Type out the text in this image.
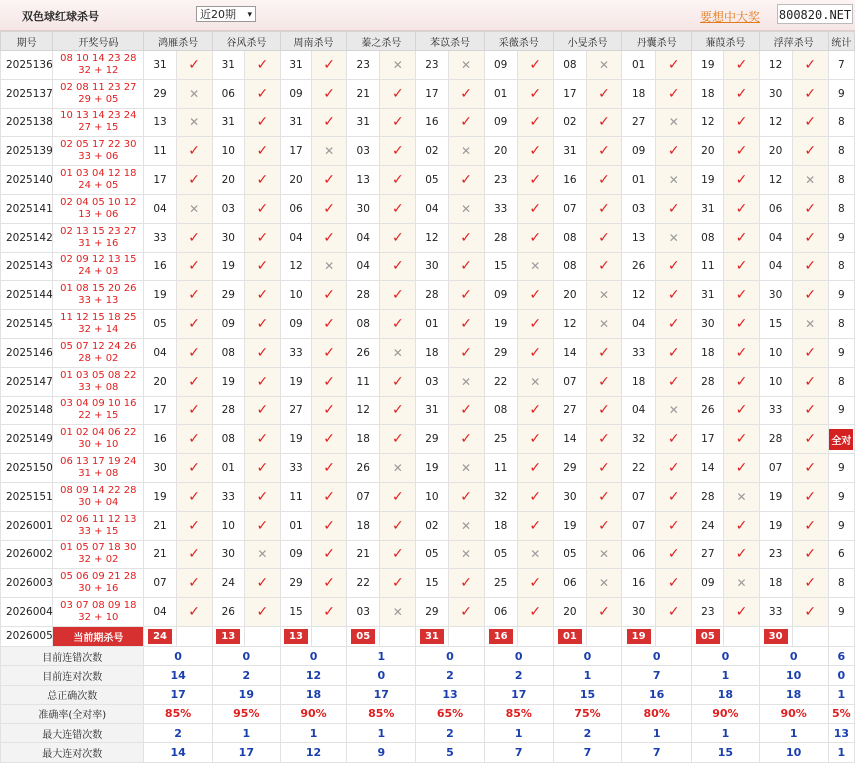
双色球红球杀号	近20期 ▾	要想中大奖 800820.NET
期号	开奖号码	鸿雁杀号		谷风杀号		周南杀号		蓁之杀号		苯苡杀号		采薇杀号		小旻杀号		丹囊杀号		蒹葭杀号		浮萍杀号		统计
2025136	08 10 14 23 28
32 + 12	31	✓	31	✓	31	✓	23	✕	23	✕	09	✓	08	✕	01	✓	19	✓	12	✓	7
2025137	02 08 11 23 27
29 + 05	29	✕	06	✓	09	✓	21	✓	17	✓	01	✓	17	✓	18	✓	18	✓	30	✓	9
2025138	10 13 14 23 24
27 + 15	13	✕	31	✓	31	✓	31	✓	16	✓	09	✓	02	✓	27	✕	12	✓	12	✓	8
2025139	02 05 17 22 30
33 + 06	11	✓	10	✓	17	✕	03	✓	02	✕	20	✓	31	✓	09	✓	20	✓	20	✓	8
2025140	01 03 04 12 18
24 + 05	17	✓	20	✓	20	✓	13	✓	05	✓	23	✓	16	✓	01	✕	19	✓	12	✕	8
2025141	02 04 05 10 12
13 + 06	04	✕	03	✓	06	✓	30	✓	04	✕	33	✓	07	✓	03	✓	31	✓	06	✓	8
2025142	02 13 15 23 27
31 + 16	33	✓	30	✓	04	✓	04	✓	12	✓	28	✓	08	✓	13	✕	08	✓	04	✓	9
2025143	02 09 12 13 15
24 + 03	16	✓	19	✓	12	✕	04	✓	30	✓	15	✕	08	✓	26	✓	11	✓	04	✓	8
2025144	01 08 15 20 26
33 + 13	19	✓	29	✓	10	✓	28	✓	28	✓	09	✓	20	✕	12	✓	31	✓	30	✓	9
2025145	11 12 15 18 25
32 + 14	05	✓	09	✓	09	✓	08	✓	01	✓	19	✓	12	✕	04	✓	30	✓	15	✕	8
2025146	05 07 12 24 26
28 + 02	04	✓	08	✓	33	✓	26	✕	18	✓	29	✓	14	✓	33	✓	18	✓	10	✓	9
2025147	01 03 05 08 22
33 + 08	20	✓	19	✓	19	✓	11	✓	03	✕	22	✕	07	✓	18	✓	28	✓	10	✓	8
2025148	03 04 09 10 16
22 + 15	17	✓	28	✓	27	✓	12	✓	31	✓	08	✓	27	✓	04	✕	26	✓	33	✓	9
2025149	01 02 04 06 22
30 + 10	16	✓	08	✓	19	✓	18	✓	29	✓	25	✓	14	✓	32	✓	17	✓	28	✓	全对
2025150	06 13 17 19 24
31 + 08	30	✓	01	✓	33	✓	26	✕	19	✕	11	✓	29	✓	22	✓	14	✓	07	✓	9
2025151	08 09 14 22 28
30 + 04	19	✓	33	✓	11	✓	07	✓	10	✓	32	✓	30	✓	07	✓	28	✕	19	✓	9
2026001	02 06 11 12 13
33 + 15	21	✓	10	✓	01	✓	18	✓	02	✕	18	✓	19	✓	07	✓	24	✓	19	✓	9
2026002	01 05 07 18 30
32 + 02	21	✓	30	✕	09	✓	21	✓	05	✕	05	✕	05	✕	06	✓	27	✓	23	✓	6
2026003	05 06 09 21 28
30 + 16	07	✓	24	✓	29	✓	22	✓	15	✓	25	✓	06	✕	16	✓	09	✕	18	✓	8
2026004	03 07 08 09 18
32 + 10	04	✓	26	✓	15	✓	03	✕	29	✓	06	✓	20	✓	30	✓	23	✓	33	✓	9
2026005	当前期杀号	24		13		13		05		31		16		01		19		05		30		
目前连错次数		0		0		0		1		0		0		0		0		0		0		6
目前连对次数		14		2		12		0		2		2		1		7		1		10		0
总正确次数		17		19		18		17		13		17		15		16		18		18		1
准确率(全对率)		85%		95%		90%		85%		65%		85%		75%		80%		90%		90%		5%
最大连错次数		2		1		1		1		2		1		2		1		1		1		13
最大连对次数		14		17		12		9		5		7		7		7		15		10		1
